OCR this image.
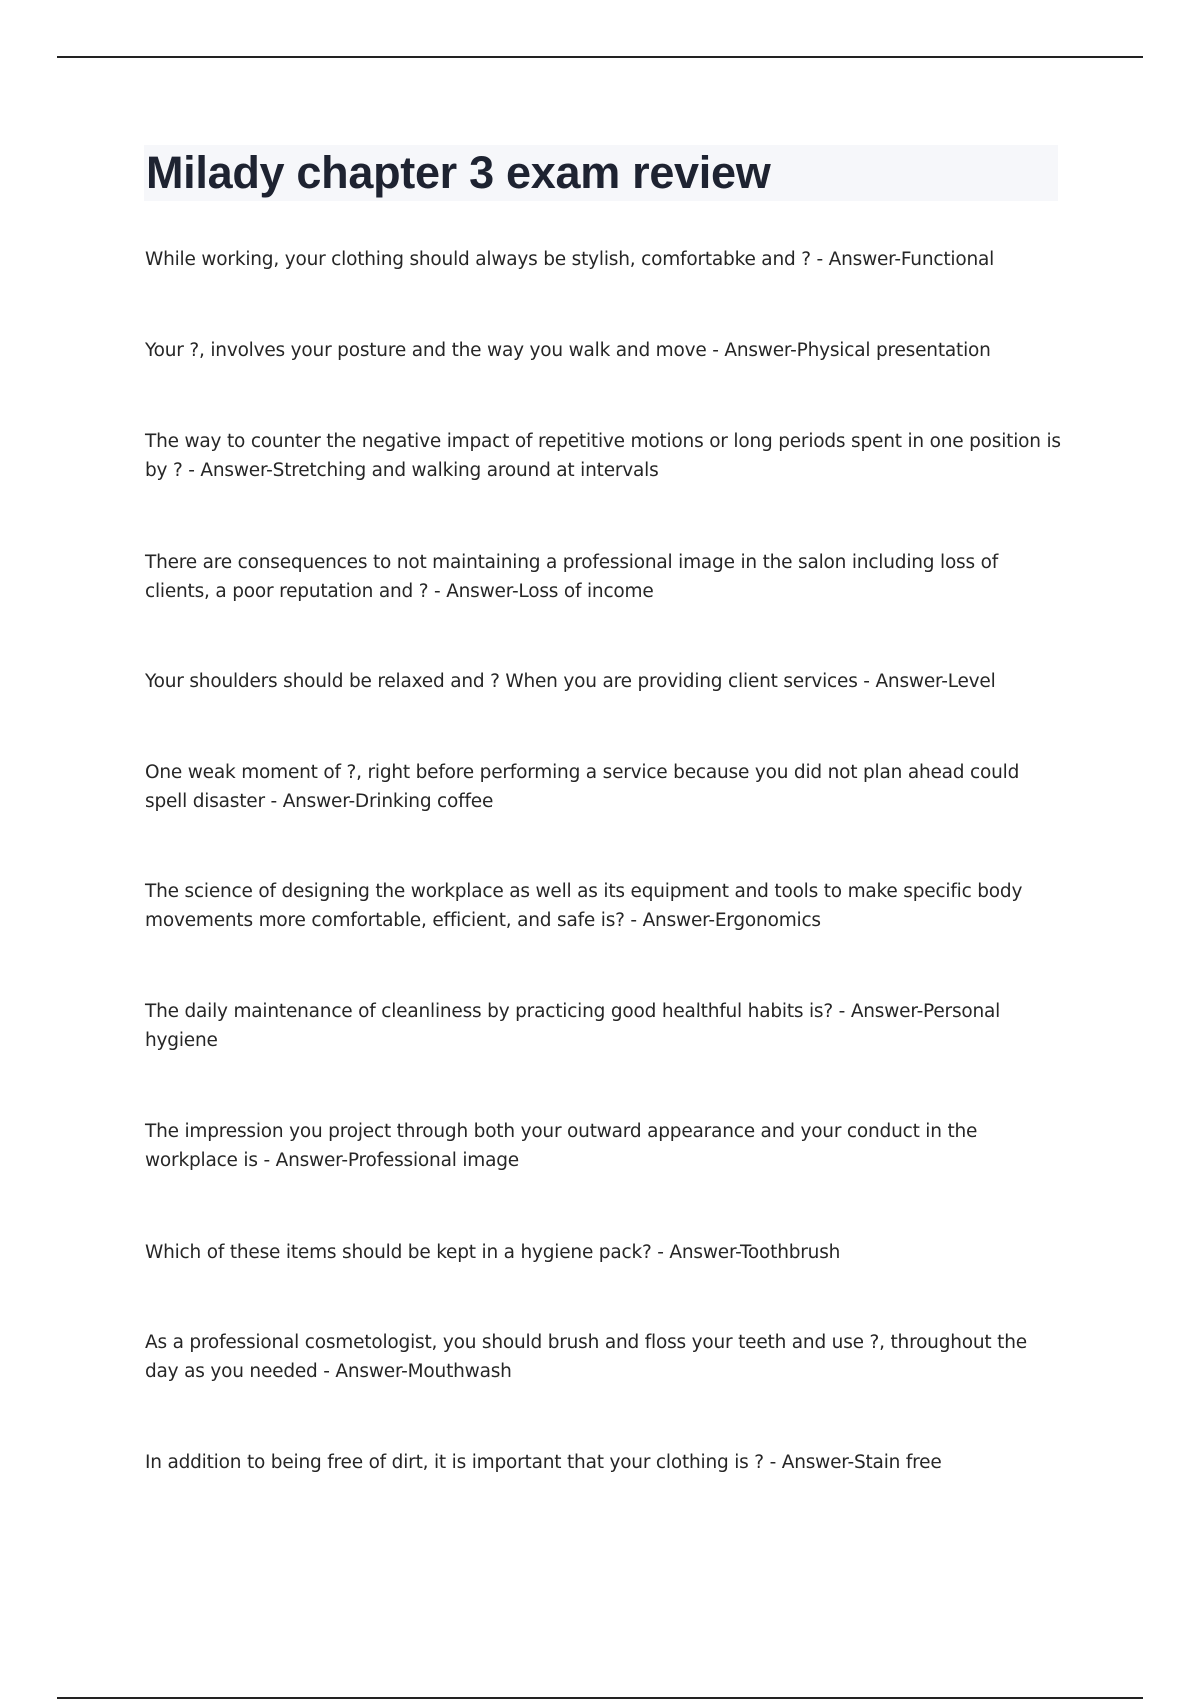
Milady chapter 3 exam review

While working, your clothing should always be stylish, comfortabke and ? - Answer-Functional

Your ?, involves your posture and the way you walk and move - Answer-Physical presentation

The way to counter the negative impact of repetitive motions or long periods spent in one position is by ? - Answer-Stretching and walking around at intervals

There are consequences to not maintaining a professional image in the salon including loss of clients, a poor reputation and ? - Answer-Loss of income

Your shoulders should be relaxed and ? When you are providing client services - Answer-Level

One weak moment of ?, right before performing a service because you did not plan ahead could spell disaster - Answer-Drinking coffee

The science of designing the workplace as well as its equipment and tools to make specific body movements more comfortable, efficient, and safe is? - Answer-Ergonomics

The daily maintenance of cleanliness by practicing good healthful habits is? - Answer-Personal hygiene

The impression you project through both your outward appearance and your conduct in the workplace is - Answer-Professional image

Which of these items should be kept in a hygiene pack? - Answer-Toothbrush

As a professional cosmetologist, you should brush and floss your teeth and use ?, throughout the day as you needed - Answer-Mouthwash

In addition to being free of dirt, it is important that your clothing is ? - Answer-Stain free
